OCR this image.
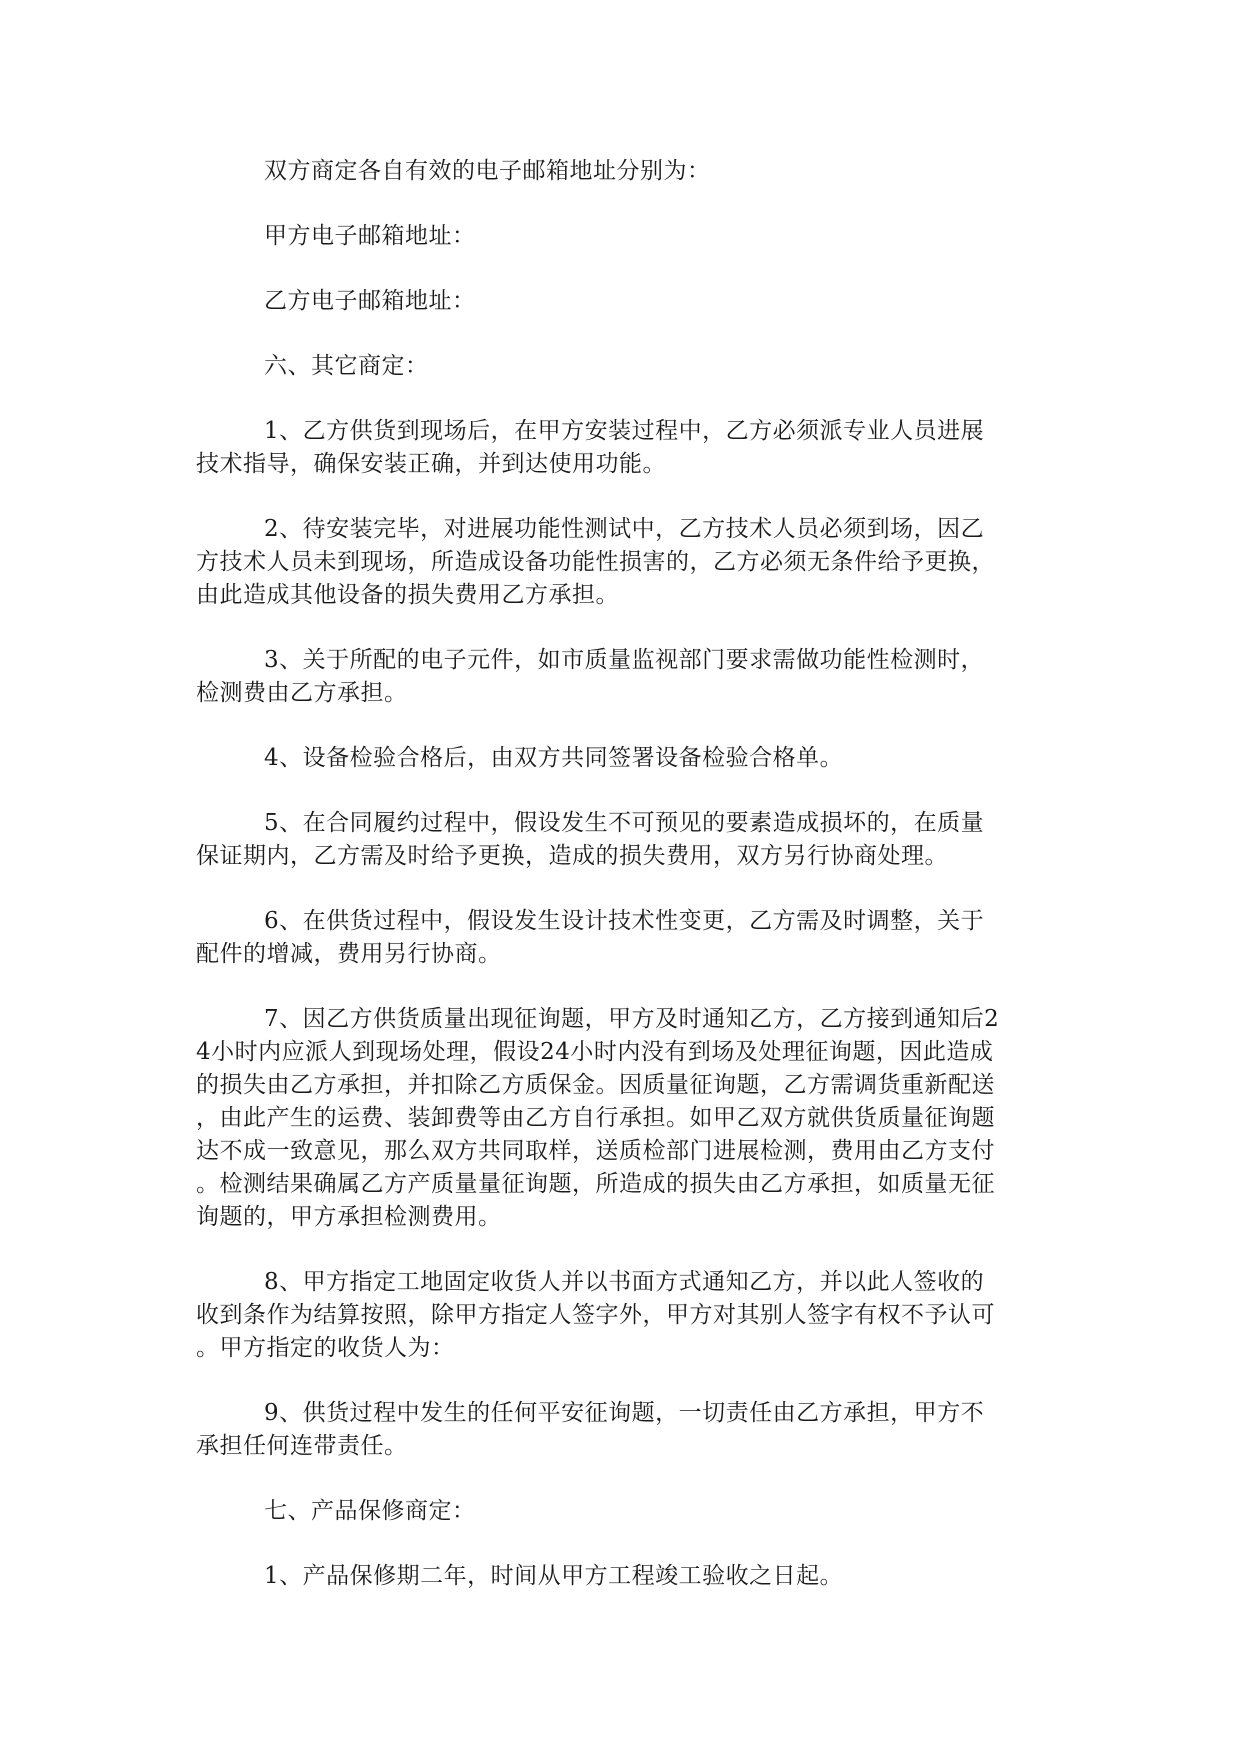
双方商定各自有效的电子邮箱地址分别为：

甲方电子邮箱地址：

乙方电子邮箱地址：

六、其它商定：

1、乙方供货到现场后，在甲方安装过程中，乙方必须派专业人员进展
技术指导，确保安装正确，并到达使用功能。

2、待安装完毕，对进展功能性测试中，乙方技术人员必须到场，因乙
方技术人员未到现场，所造成设备功能性损害的，乙方必须无条件给予更换，
由此造成其他设备的损失费用乙方承担。

3、关于所配的电子元件，如市质量监视部门要求需做功能性检测时，
检测费由乙方承担。

4、设备检验合格后，由双方共同签署设备检验合格单。

5、在合同履约过程中，假设发生不可预见的要素造成损坏的，在质量
保证期内，乙方需及时给予更换，造成的损失费用，双方另行协商处理。

6、在供货过程中，假设发生设计技术性变更，乙方需及时调整，关于
配件的增减，费用另行协商。

7、因乙方供货质量出现征询题，甲方及时通知乙方，乙方接到通知后2
4小时内应派人到现场处理，假设24小时内没有到场及处理征询题，因此造成
的损失由乙方承担，并扣除乙方质保金。因质量征询题，乙方需调货重新配送
，由此产生的运费、装卸费等由乙方自行承担。如甲乙双方就供货质量征询题
达不成一致意见，那么双方共同取样，送质检部门进展检测，费用由乙方支付
。检测结果确属乙方产质量量征询题，所造成的损失由乙方承担，如质量无征
询题的，甲方承担检测费用。

8、甲方指定工地固定收货人并以书面方式通知乙方，并以此人签收的
收到条作为结算按照，除甲方指定人签字外，甲方对其别人签字有权不予认可
。甲方指定的收货人为：

9、供货过程中发生的任何平安征询题，一切责任由乙方承担，甲方不
承担任何连带责任。

七、产品保修商定：

1、产品保修期二年，时间从甲方工程竣工验收之日起。
